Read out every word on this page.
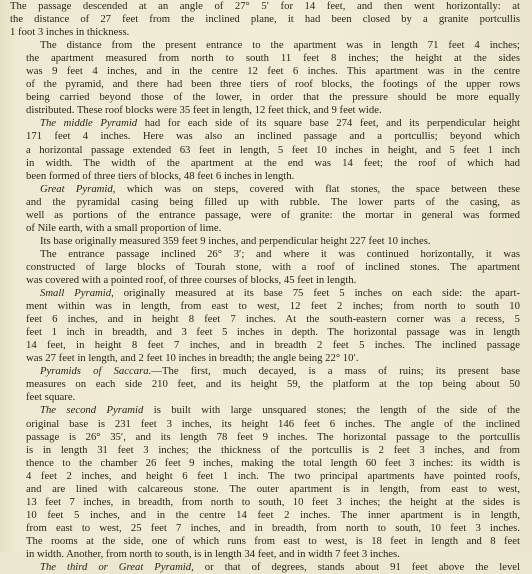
The passage descended at an angle of 27° 5′ for 14 feet, and then went horizontally: at
the distance of 27 feet from the inclined plane, it had been closed by a granite portcullis
1 foot 3 inches in thickness.

The distance from the present entrance to the apartment was in length 71 feet 4 inches;
the apartment measured from north to south 11 feet 8 inches; the height at the sides
was 9 feet 4 inches, and in the centre 12 feet 6 inches. This apartment was in the centre
of the pyramid, and there had been three tiers of roof blocks, the footings of the upper rows
being carried beyond those of the lower, in order that the pressure should be more equally
distributed. These roof blocks were 35 feet in length, 12 feet thick, and 9 feet wide.

The middle Pyramid had for each side of its square base 274 feet, and its perpendicular height
171 feet 4 inches. Here was also an inclined passage and a portcullis; beyond which
a horizontal passage extended 63 feet in length, 5 feet 10 inches in height, and 5 feet 1 inch
in width. The width of the apartment at the end was 14 feet; the roof of which had
been formed of three tiers of blocks, 48 feet 6 inches in length.

Great Pyramid, which was on steps, covered with flat stones, the space between these
and the pyramidal casing being filled up with rubble. The lower parts of the casing, as
well as portions of the entrance passage, were of granite: the mortar in general was formed
of Nile earth, with a small proportion of lime.

Its base originally measured 359 feet 9 inches, and perpendicular height 227 feet 10 inches.

The entrance passage inclined 26° 3′; and where it was continued horizontally, it was
constructed of large blocks of Tourah stone, with a roof of inclined stones. The apartment
was covered with a pointed roof, of three courses of blocks, 45 feet in length.

Small Pyramid, originally measured at its base 75 feet 5 inches on each side: the apart-
ment within was in length, from east to west, 12 feet 2 inches; from north to south 10
feet 6 inches, and in height 8 feet 7 inches. At the south-eastern corner was a recess, 5
feet 1 inch in breadth, and 3 feet 5 inches in depth. The horizontal passage was in length
14 feet, in height 8 feet 7 inches, and in breadth 2 feet 5 inches. The inclined passage
was 27 feet in length, and 2 feet 10 inches in breadth; the angle being 22° 10′.

Pyramids of Saccara.—The first, much decayed, is a mass of ruins; its present base
measures on each side 210 feet, and its height 59, the platform at the top being about 50
feet square.

The second Pyramid is built with large unsquared stones; the length of the side of the
original base is 231 feet 3 inches, its height 146 feet 6 inches. The angle of the inclined
passage is 26° 35′, and its length 78 feet 9 inches. The horizontal passage to the portcullis
is in length 31 feet 3 inches; the thickness of the portcullis is 2 feet 3 inches, and from
thence to the chamber 26 feet 9 inches, making the total length 60 feet 3 inches: its width is
4 feet 2 inches, and height 6 feet 1 inch. The two principal apartments have pointed roofs,
and are lined with calcareous stone. The outer apartment is in length, from east to west,
13 feet 7 inches, in breadth, from north to south, 10 feet 3 inches; the height at the sides is
10 feet 5 inches, and in the centre 14 feet 2 inches. The inner apartment is in length,
from east to west, 25 feet 7 inches, and in breadth, from north to south, 10 feet 3 inches.
The rooms at the side, one of which runs from east to west, is 18 feet in length and 8 feet
in width. Another, from north to south, is in length 34 feet, and in width 7 feet 3 inches.

The third or Great Pyramid, or that of degrees, stands about 91 feet above the level
